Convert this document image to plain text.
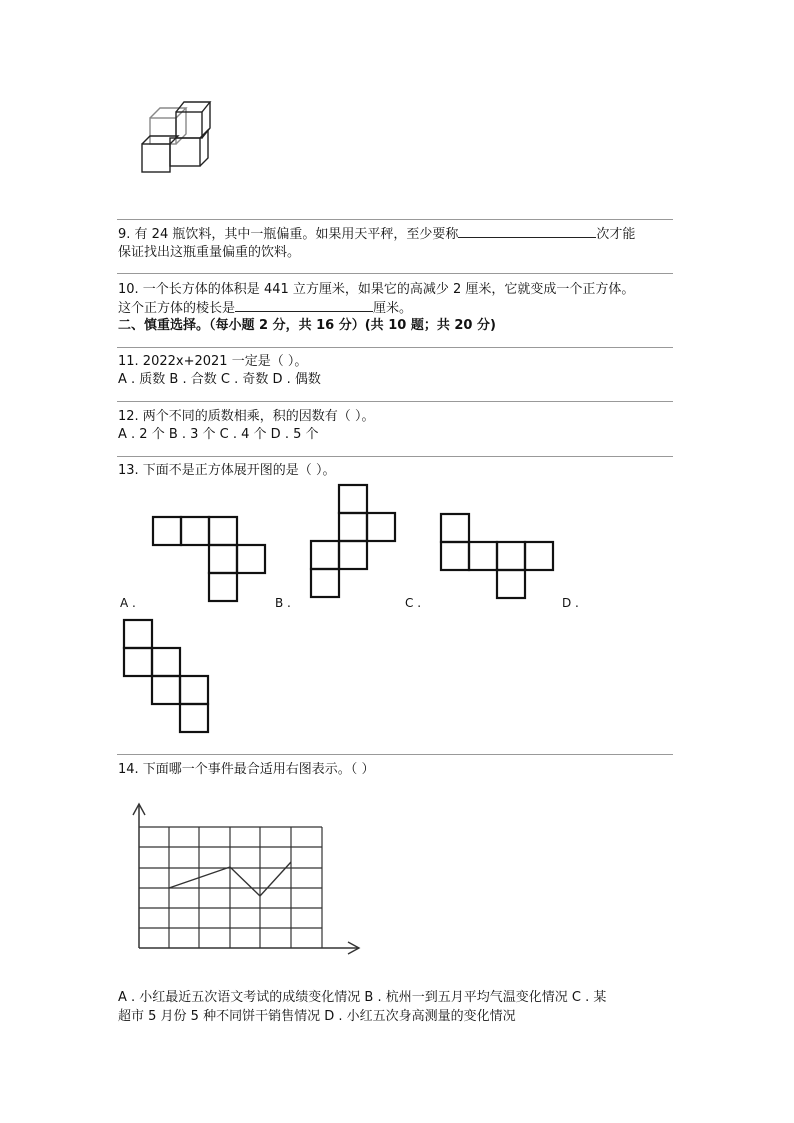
9. 有 24 瓶饮料，其中一瓶偏重。如果用天平秤，至少要称	次才能
保证找出这瓶重量偏重的饮料。
10. 一个长方体的体积是 441 立方厘米，如果它的高减少 2 厘米，它就变成一个正方体。
这个正方体的棱长是	厘米。
二、慎重选择。（每小题 2 分，共 16 分）(共 10 题；共 20 分)
11. 2022x+2021 一定是（ ）。
A . 质数 B . 合数 C . 奇数 D . 偶数
12. 两个不同的质数相乘，积的因数有（ ）。
A . 2 个 B . 3 个 C . 4 个 D . 5 个
13. 下面不是正方体展开图的是（ ）。
A .	B .	C .	D .
14. 下面哪一个事件最合适用右图表示。（ ）
A . 小红最近五次语文考试的成绩变化情况 B . 杭州一到五月平均气温变化情况 C . 某
超市 5 月份 5 种不同饼干销售情况 D . 小红五次身高测量的变化情况
